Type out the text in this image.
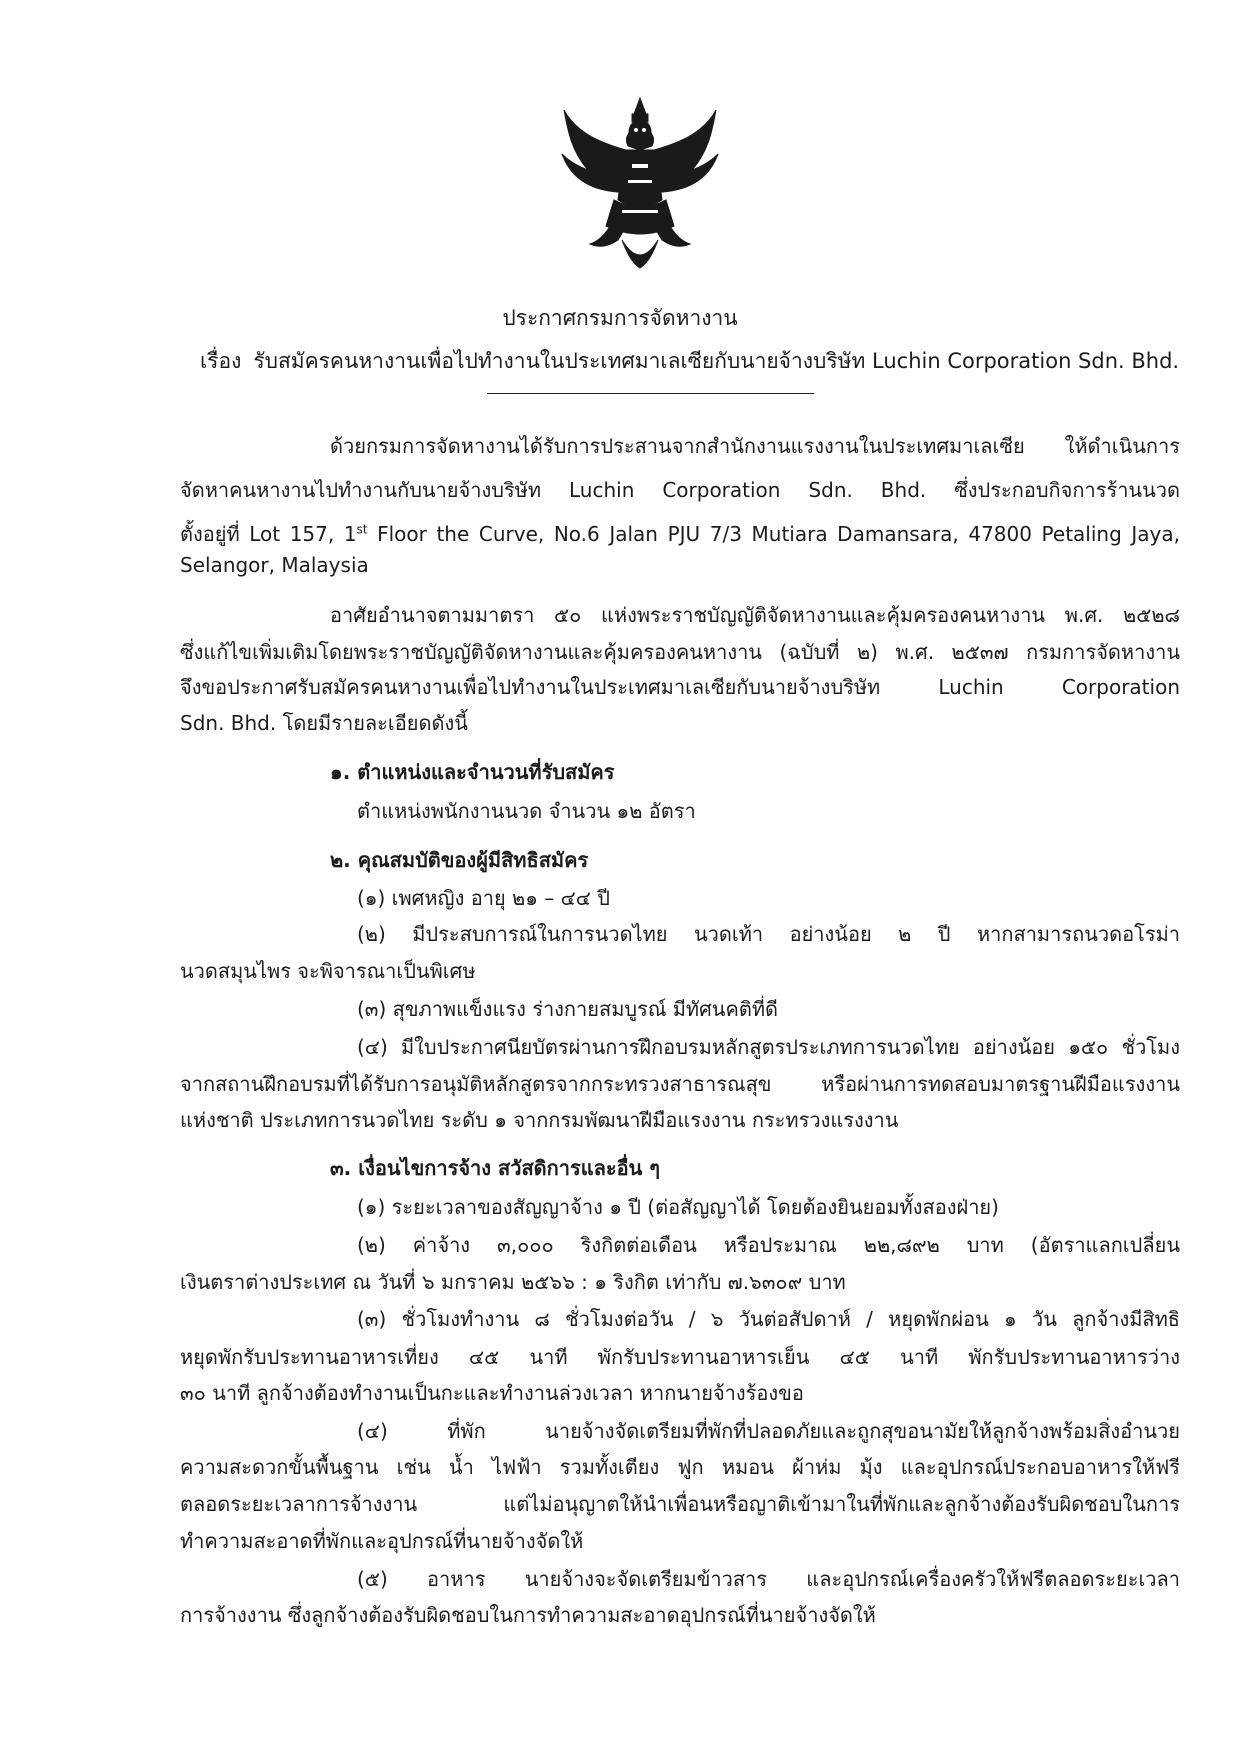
ประกาศกรมการจัดหางาน
เรื่อง รับสมัครคนหางานเพื่อไปทำงานในประเทศมาเลเซียกับนายจ้างบริษัท Luchin Corporation Sdn. Bhd.
ด้วยกรมการจัดหางานได้รับการประสานจากสำนักงานแรงงานในประเทศมาเลเซีย ให้ดำเนินการ
จัดหาคนหางานไปทำงานกับนายจ้างบริษัท Luchin Corporation Sdn. Bhd. ซึ่งประกอบกิจการร้านนวด
ตั้งอยู่ที่ Lot 157, 1st Floor the Curve, No.6 Jalan PJU 7/3 Mutiara Damansara, 47800 Petaling Jaya,
Selangor, Malaysia
อาศัยอำนาจตามมาตรา ๕๐ แห่งพระราชบัญญัติจัดหางานและคุ้มครองคนหางาน พ.ศ. ๒๕๒๘
ซึ่งแก้ไขเพิ่มเติมโดยพระราชบัญญัติจัดหางานและคุ้มครองคนหางาน (ฉบับที่ ๒) พ.ศ. ๒๕๓๗ กรมการจัดหางาน
จึงขอประกาศรับสมัครคนหางานเพื่อไปทำงานในประเทศมาเลเซียกับนายจ้างบริษัท Luchin Corporation
Sdn. Bhd. โดยมีรายละเอียดดังนี้
๑. ตำแหน่งและจำนวนที่รับสมัคร
ตำแหน่งพนักงานนวด จำนวน ๑๒ อัตรา
๒. คุณสมบัติของผู้มีสิทธิสมัคร
(๑) เพศหญิง อายุ ๒๑ – ๔๔ ปี
(๒) มีประสบการณ์ในการนวดไทย นวดเท้า อย่างน้อย ๒ ปี หากสามารถนวดอโรม่า
นวดสมุนไพร จะพิจารณาเป็นพิเศษ
(๓) สุขภาพแข็งแรง ร่างกายสมบูรณ์ มีทัศนคติที่ดี
(๔) มีใบประกาศนียบัตรผ่านการฝึกอบรมหลักสูตรประเภทการนวดไทย อย่างน้อย ๑๕๐ ชั่วโมง
จากสถานฝึกอบรมที่ได้รับการอนุมัติหลักสูตรจากกระทรวงสาธารณสุข หรือผ่านการทดสอบมาตรฐานฝีมือแรงงาน
แห่งชาติ ประเภทการนวดไทย ระดับ ๑ จากกรมพัฒนาฝีมือแรงงาน กระทรวงแรงงาน
๓. เงื่อนไขการจ้าง สวัสดิการและอื่น ๆ
(๑) ระยะเวลาของสัญญาจ้าง ๑ ปี (ต่อสัญญาได้ โดยต้องยินยอมทั้งสองฝ่าย)
(๒) ค่าจ้าง ๓,๐๐๐ ริงกิตต่อเดือน หรือประมาณ ๒๒,๘๙๒ บาท (อัตราแลกเปลี่ยน
เงินตราต่างประเทศ ณ วันที่ ๖ มกราคม ๒๕๖๖ : ๑ ริงกิต เท่ากับ ๗.๖๓๐๙ บาท
(๓) ชั่วโมงทำงาน ๘ ชั่วโมงต่อวัน / ๖ วันต่อสัปดาห์ / หยุดพักผ่อน ๑ วัน ลูกจ้างมีสิทธิ
หยุดพักรับประทานอาหารเที่ยง ๔๕ นาที พักรับประทานอาหารเย็น ๔๕ นาที พักรับประทานอาหารว่าง
๓๐ นาที ลูกจ้างต้องทำงานเป็นกะและทำงานล่วงเวลา หากนายจ้างร้องขอ
(๔) ที่พัก นายจ้างจัดเตรียมที่พักที่ปลอดภัยและถูกสุขอนามัยให้ลูกจ้างพร้อมสิ่งอำนวย
ความสะดวกขั้นพื้นฐาน เช่น น้ำ ไฟฟ้า รวมทั้งเตียง ฟูก หมอน ผ้าห่ม มุ้ง และอุปกรณ์ประกอบอาหารให้ฟรี
ตลอดระยะเวลาการจ้างงาน แต่ไม่อนุญาตให้นำเพื่อนหรือญาติเข้ามาในที่พักและลูกจ้างต้องรับผิดชอบในการ
ทำความสะอาดที่พักและอุปกรณ์ที่นายจ้างจัดให้
(๕) อาหาร นายจ้างจะจัดเตรียมข้าวสาร และอุปกรณ์เครื่องครัวให้ฟรีตลอดระยะเวลา
การจ้างงาน ซึ่งลูกจ้างต้องรับผิดชอบในการทำความสะอาดอุปกรณ์ที่นายจ้างจัดให้
